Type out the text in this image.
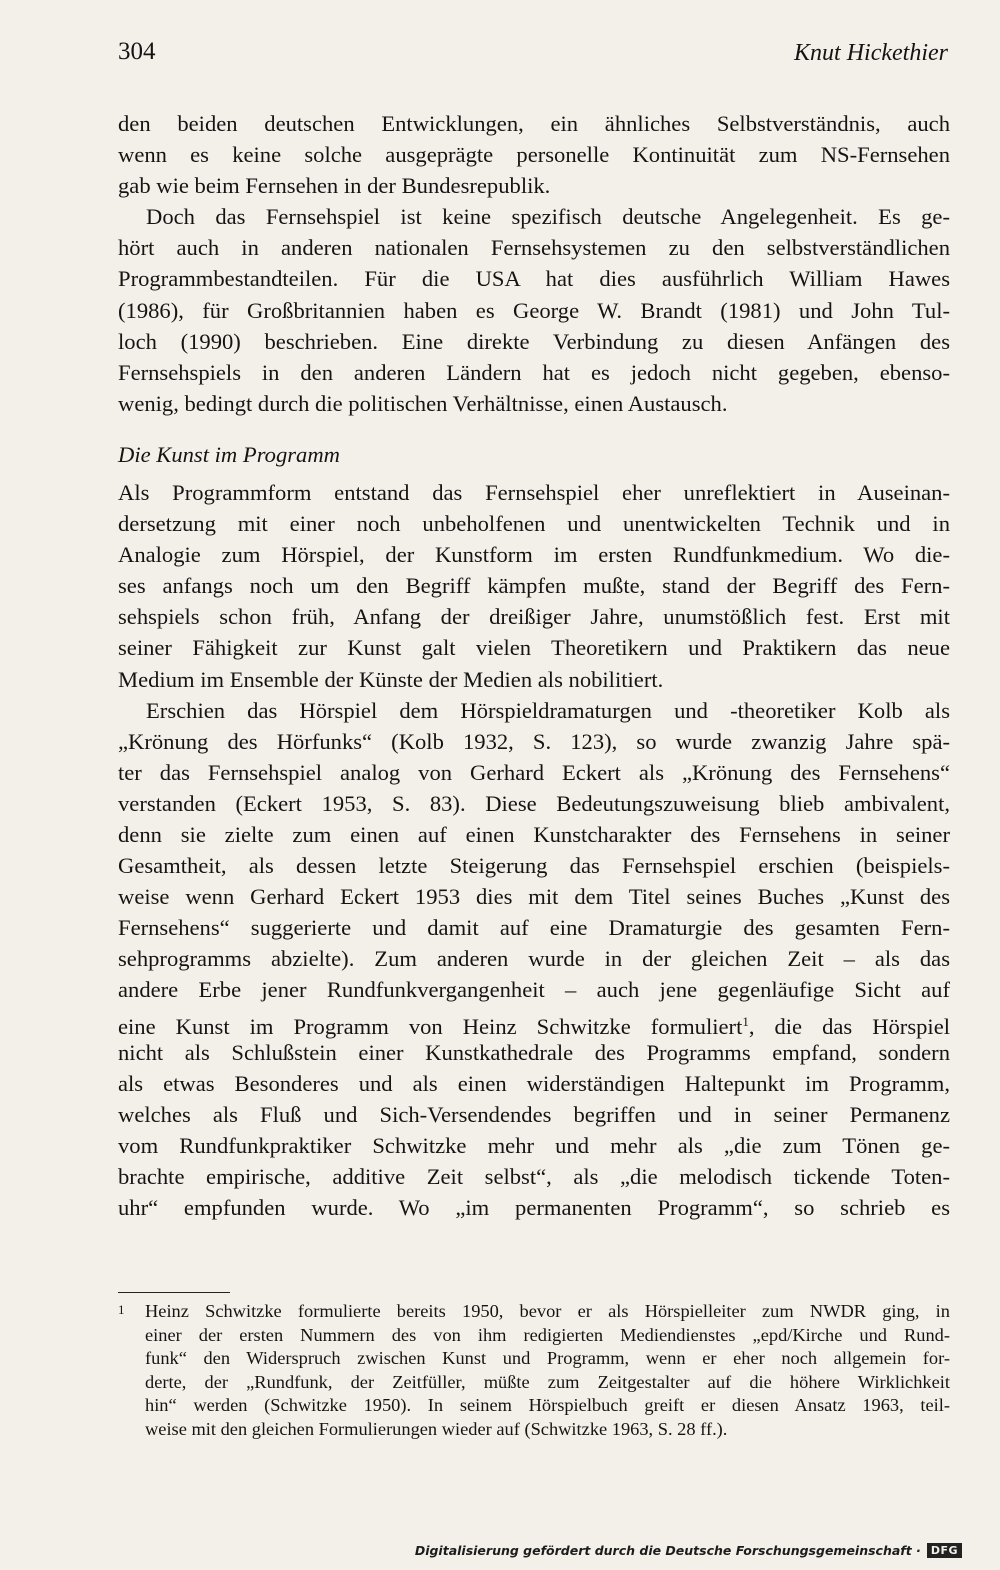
304	Knut Hickethier
den beiden deutschen Entwicklungen, ein ähnliches Selbstverständnis, auch
wenn es keine solche ausgeprägte personelle Kontinuität zum NS-Fernsehen
gab wie beim Fernsehen in der Bundesrepublik.
Doch das Fernsehspiel ist keine spezifisch deutsche Angelegenheit. Es ge-
hört auch in anderen nationalen Fernsehsystemen zu den selbstverständlichen
Programmbestandteilen. Für die USA hat dies ausführlich William Hawes
(1986), für Großbritannien haben es George W. Brandt (1981) und John Tul-
loch (1990) beschrieben. Eine direkte Verbindung zu diesen Anfängen des
Fernsehspiels in den anderen Ländern hat es jedoch nicht gegeben, ebenso-
wenig, bedingt durch die politischen Verhältnisse, einen Austausch.
Die Kunst im Programm
Als Programmform entstand das Fernsehspiel eher unreflektiert in Auseinan-
dersetzung mit einer noch unbeholfenen und unentwickelten Technik und in
Analogie zum Hörspiel, der Kunstform im ersten Rundfunkmedium. Wo die-
ses anfangs noch um den Begriff kämpfen mußte, stand der Begriff des Fern-
sehspiels schon früh, Anfang der dreißiger Jahre, unumstößlich fest. Erst mit
seiner Fähigkeit zur Kunst galt vielen Theoretikern und Praktikern das neue
Medium im Ensemble der Künste der Medien als nobilitiert.
Erschien das Hörspiel dem Hörspieldramaturgen und -theoretiker Kolb als
„Krönung des Hörfunks“ (Kolb 1932, S. 123), so wurde zwanzig Jahre spä-
ter das Fernsehspiel analog von Gerhard Eckert als „Krönung des Fernsehens“
verstanden (Eckert 1953, S. 83). Diese Bedeutungszuweisung blieb ambivalent,
denn sie zielte zum einen auf einen Kunstcharakter des Fernsehens in seiner
Gesamtheit, als dessen letzte Steigerung das Fernsehspiel erschien (beispiels-
weise wenn Gerhard Eckert 1953 dies mit dem Titel seines Buches „Kunst des
Fernsehens“ suggerierte und damit auf eine Dramaturgie des gesamten Fern-
sehprogramms abzielte). Zum anderen wurde in der gleichen Zeit – als das
andere Erbe jener Rundfunkvergangenheit – auch jene gegenläufige Sicht auf
eine Kunst im Programm von Heinz Schwitzke formuliert$^1$, die das Hörspiel
nicht als Schlußstein einer Kunstkathedrale des Programms empfand, sondern
als etwas Besonderes und als einen widerständigen Haltepunkt im Programm,
welches als Fluß und Sich-Versendendes begriffen und in seiner Permanenz
vom Rundfunkpraktiker Schwitzke mehr und mehr als „die zum Tönen ge-
brachte empirische, additive Zeit selbst“, als „die melodisch tickende Toten-
uhr“ empfunden wurde. Wo „im permanenten Programm“, so schrieb es
1 Heinz Schwitzke formulierte bereits 1950, bevor er als Hörspielleiter zum NWDR ging, in
einer der ersten Nummern des von ihm redigierten Mediendienstes „epd/Kirche und Rund-
funk“ den Widerspruch zwischen Kunst und Programm, wenn er eher noch allgemein for-
derte, der „Rundfunk, der Zeitfüller, müßte zum Zeitgestalter auf die höhere Wirklichkeit
hin“ werden (Schwitzke 1950). In seinem Hörspielbuch greift er diesen Ansatz 1963, teil-
weise mit den gleichen Formulierungen wieder auf (Schwitzke 1963, S. 28 ff.).
Digitalisierung gefördert durch die Deutsche Forschungsgemeinschaft · DFG
